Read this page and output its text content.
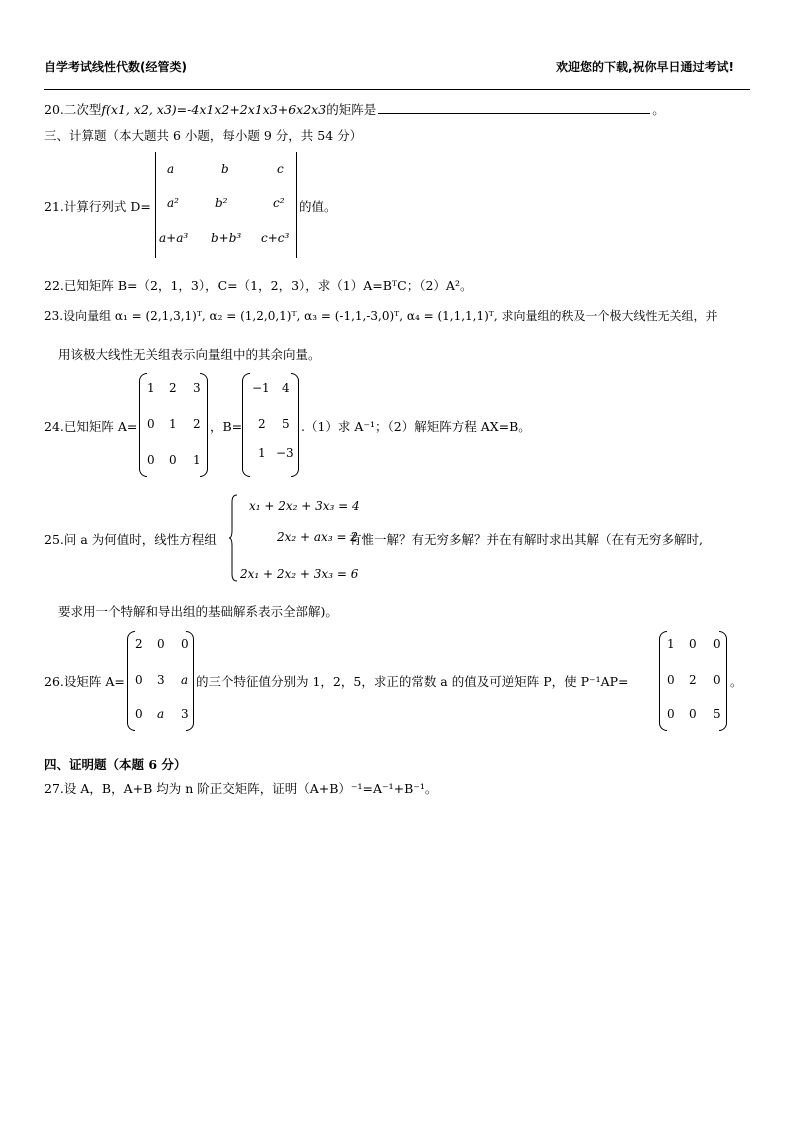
自学考试线性代数(经管类)	欢迎您的下载,祝你早日通过考试!
20.二次型f(x1, x2, x3)=-4x1x2+2x1x3+6x2x3的矩阵是	。
三、计算题（本大题共 6 小题，每小题 9 分，共 54 分）
21.计算行列式 D=
a	b	c
a²	b²	c²
a+a³ b+b³ c+c³
的值。
22.已知矩阵 B=（2，1，3），C=（1，2，3），求（1）A=BᵀC；（2）A²。
23.设向量组 α₁ = (2,1,3,1)ᵀ, α₂ = (1,2,0,1)ᵀ, α₃ = (-1,1,-3,0)ᵀ, α₄ = (1,1,1,1)ᵀ, 求向量组的秩及一个极大线性无关组，并
用该极大线性无关组表示向量组中的其余向量。
24.已知矩阵 A=
1 2 3
0 1 2
0 0 1
，B=
−1 4
2 5
1 −3
.（1）求 A⁻¹；（2）解矩阵方程 AX=B。
25.问 a 为何值时，线性方程组
x₁ + 2x₂ + 3x₃ = 4
2x₂ + ax₃ = 2
2x₁ + 2x₂ + 3x₃ = 6
有惟一解？有无穷多解？并在有解时求出其解（在有无穷多解时,
要求用一个特解和导出组的基础解系表示全部解)。
26.设矩阵 A=
2 0 0
0 3 a
0 a 3
的三个特征值分别为 1，2，5，求正的常数 a 的值及可逆矩阵 P，使 P⁻¹AP=
1 0 0
0 2 0
0 0 5
。
四、证明题（本题 6 分）
27.设 A，B，A+B 均为 n 阶正交矩阵，证明（A+B）⁻¹=A⁻¹+B⁻¹。
